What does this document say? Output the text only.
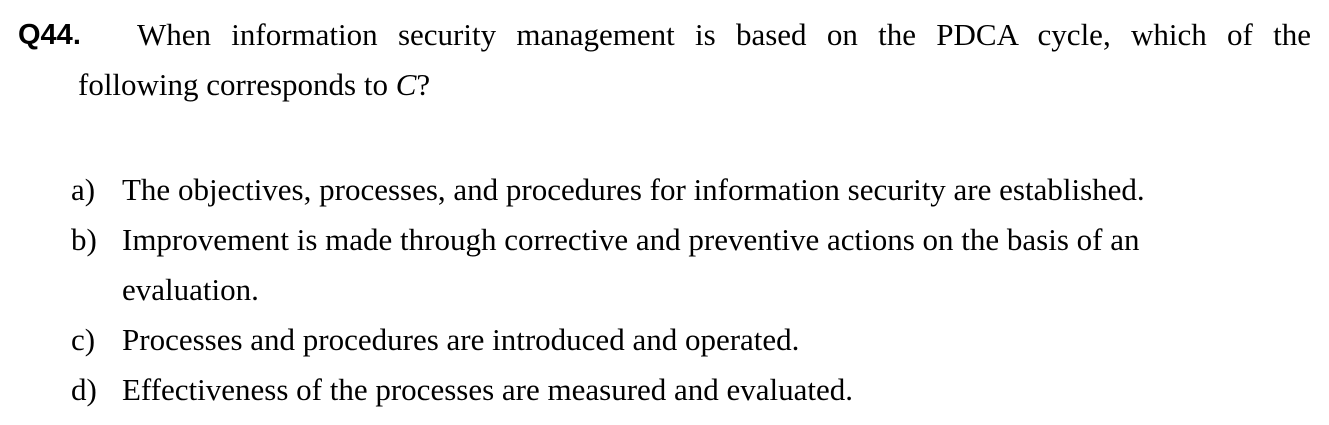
Q44. When information security management is based on the PDCA cycle, which of the
following corresponds to C?
a) The objectives, processes, and procedures for information security are established.
b) Improvement is made through corrective and preventive actions on the basis of an evaluation.
c) Processes and procedures are introduced and operated.
d) Effectiveness of the processes are measured and evaluated.
